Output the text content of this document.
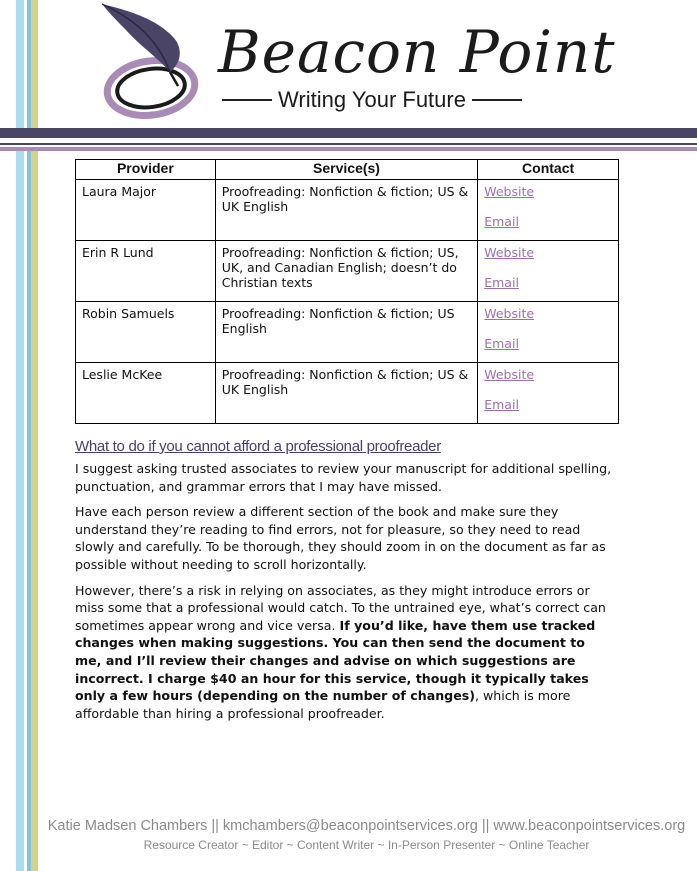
Beacon Point
Writing Your Future
Provider	Service(s)	Contact
Laura Major	Proofreading: Nonfiction & fiction; US & UK English	Website
Email

Erin R Lund	Proofreading: Nonfiction & fiction; US, UK, and Canadian English; doesn’t do Christian texts	Website
Email

Robin Samuels	Proofreading: Nonfiction & fiction; US English	Website
Email

Leslie McKee	Proofreading: Nonfiction & fiction; US & UK English	Website
Email
What to do if you cannot afford a professional proofreader

I suggest asking trusted associates to review your manuscript for additional spelling, punctuation, and grammar errors that I may have missed.

Have each person review a different section of the book and make sure they understand they’re reading to find errors, not for pleasure, so they need to read slowly and carefully. To be thorough, they should zoom in on the document as far as possible without needing to scroll horizontally.

However, there’s a risk in relying on associates, as they might introduce errors or miss some that a professional would catch. To the untrained eye, what’s correct can sometimes appear wrong and vice versa. If you’d like, have them use tracked changes when making suggestions. You can then send the document to me, and I’ll review their changes and advise on which suggestions are incorrect. I charge $40 an hour for this service, though it typically takes only a few hours (depending on the number of changes), which is more affordable than hiring a professional proofreader.

Katie Madsen Chambers || kmchambers@beaconpointservices.org || www.beaconpointservices.org
Resource Creator ~ Editor ~ Content Writer ~ In-Person Presenter ~ Online Teacher
